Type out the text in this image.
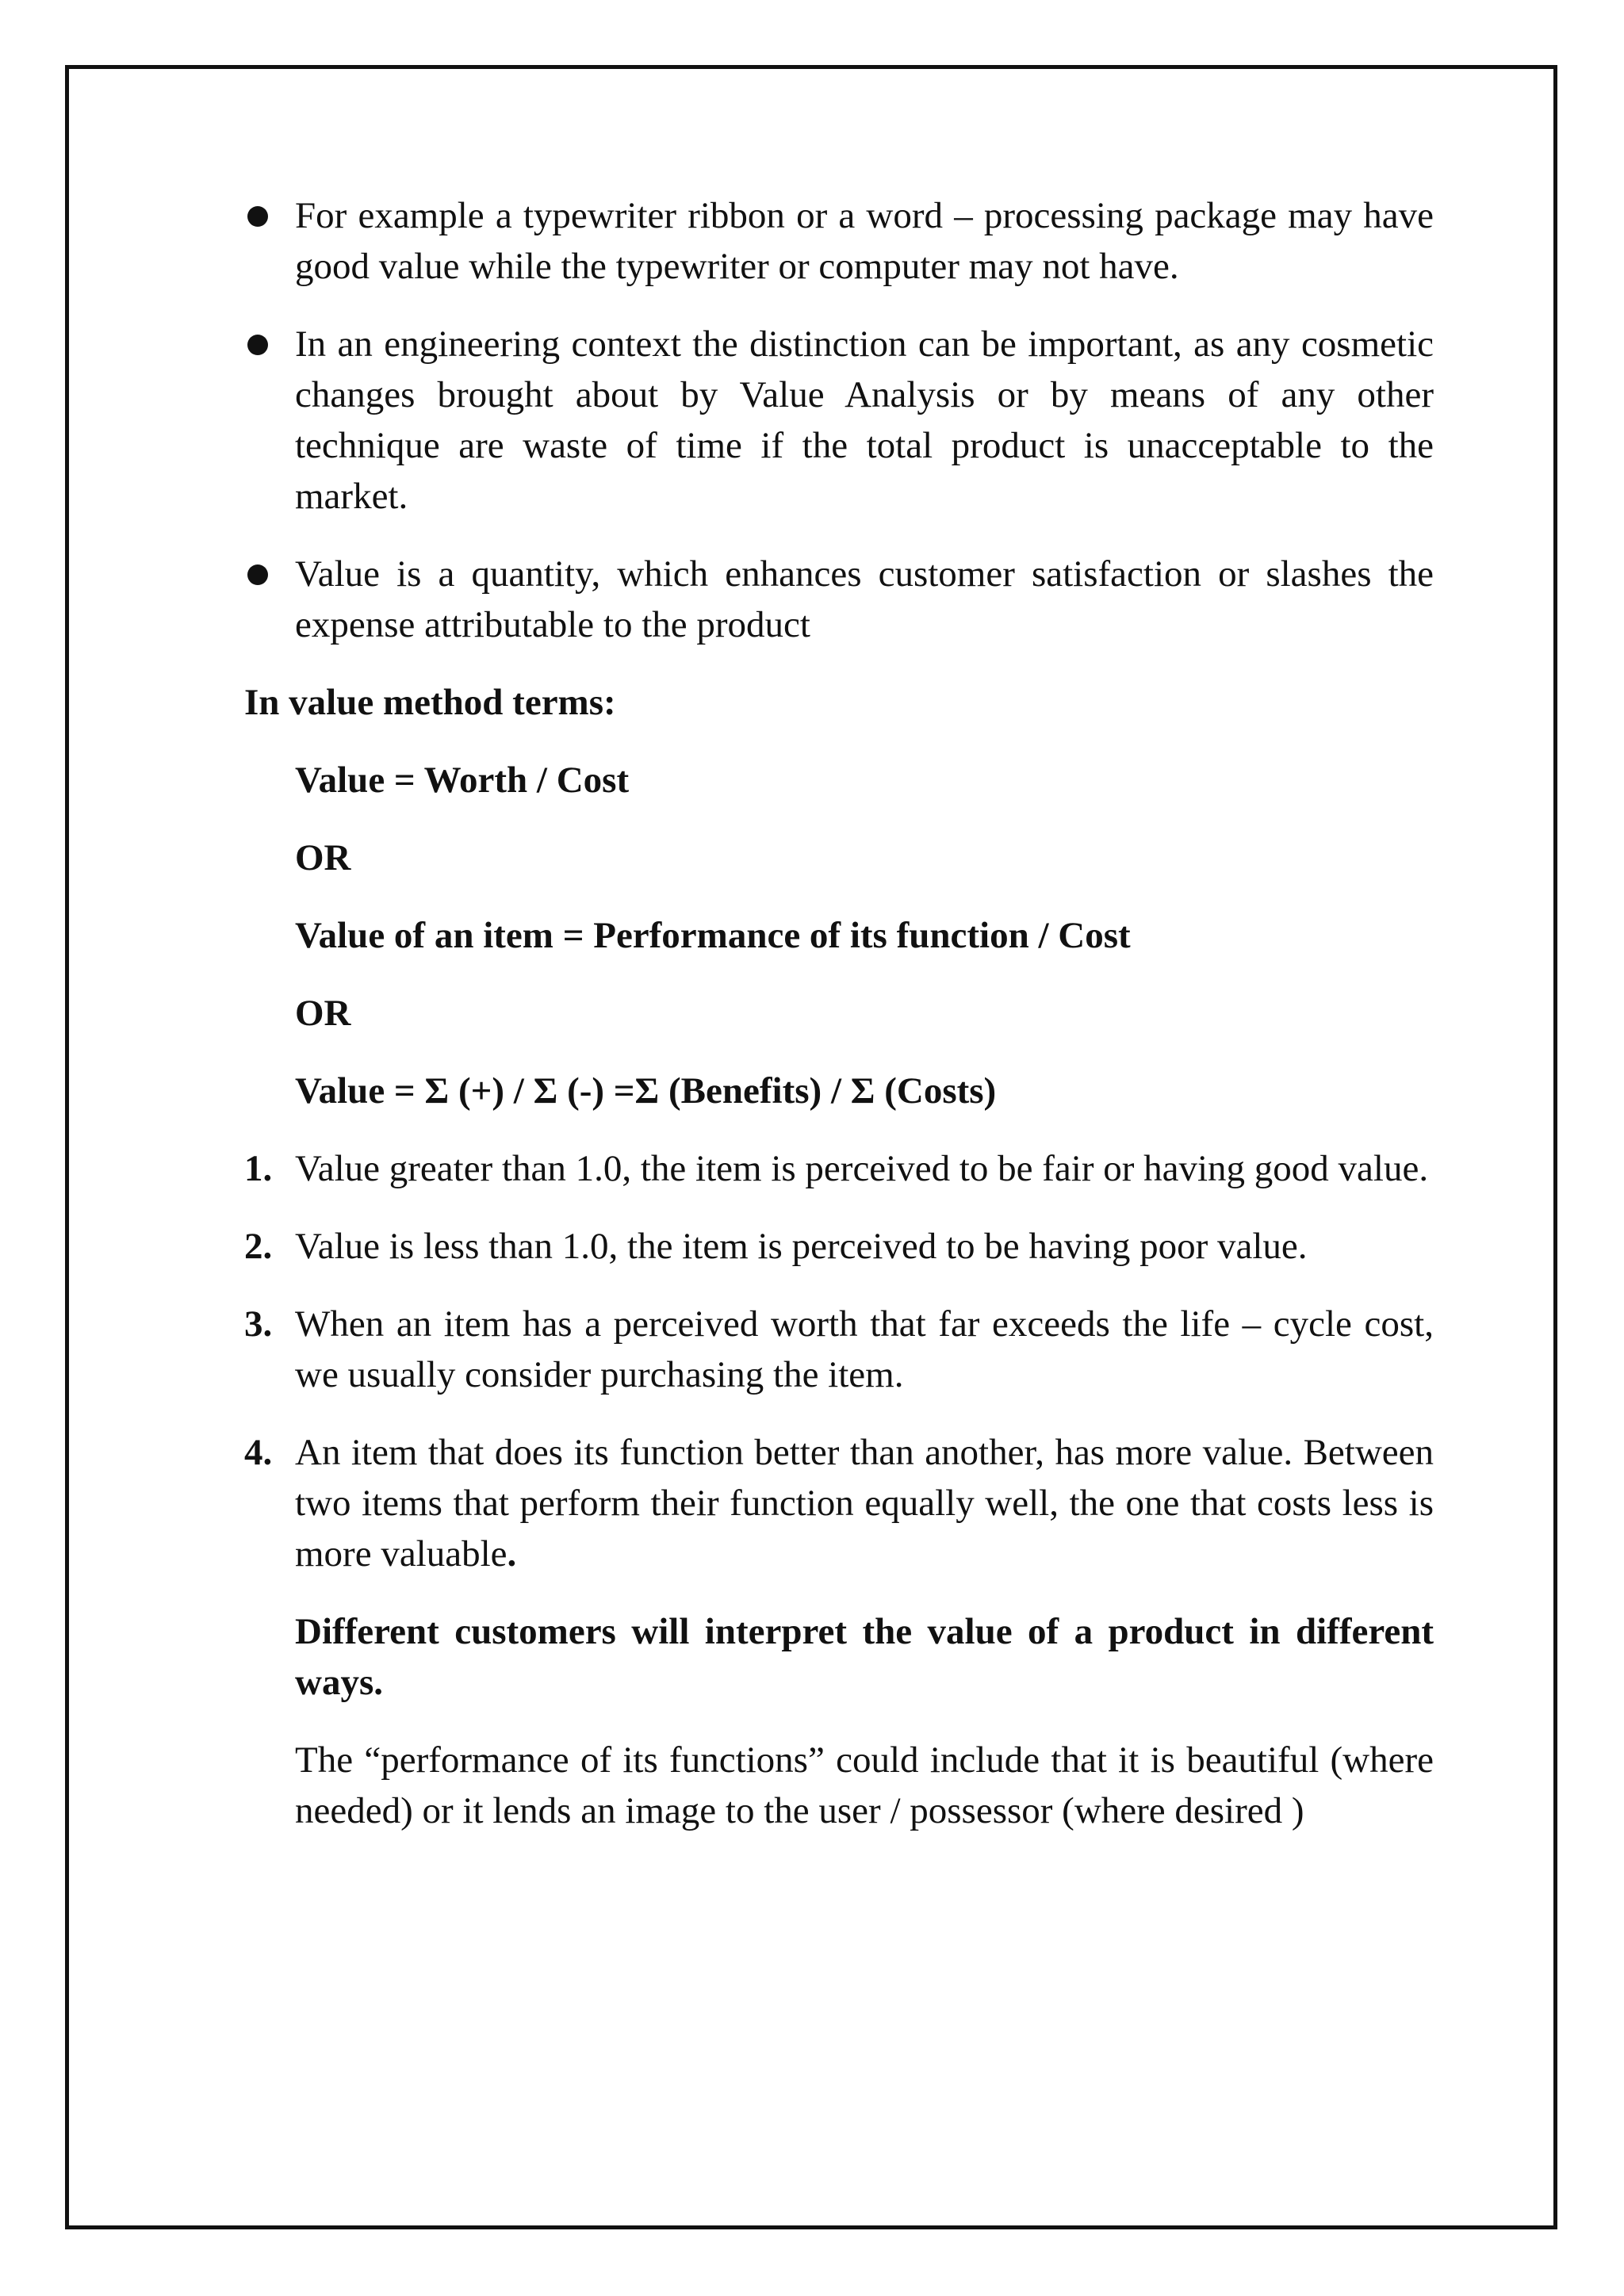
For example a typewriter ribbon or a word – processing package may have good value while the typewriter or computer may not have.
In an engineering context the distinction can be important, as any cosmetic changes brought about by Value Analysis or by means of any other technique are waste of time if the total product is unacceptable to the market.
Value is a quantity, which enhances customer satisfaction or slashes the expense attributable to the product
In value method terms:
Value = Worth / Cost
OR
Value of an item = Performance of its function / Cost
OR
Value = Σ (+) / Σ (-) =Σ (Benefits) / Σ (Costs)
1. Value greater than 1.0, the item is perceived to be fair or having good value.
2. Value is less than 1.0, the item is perceived to be having poor value.
3. When an item has a perceived worth that far exceeds the life – cycle cost, we usually consider purchasing the item.
4. An item that does its function better than another, has more value. Between two items that perform their function equally well, the one that costs less is more valuable.
Different customers will interpret the value of a product in different ways.
The “performance of its functions” could include that it is beautiful (where needed) or it lends an image to the user / possessor (where desired )
